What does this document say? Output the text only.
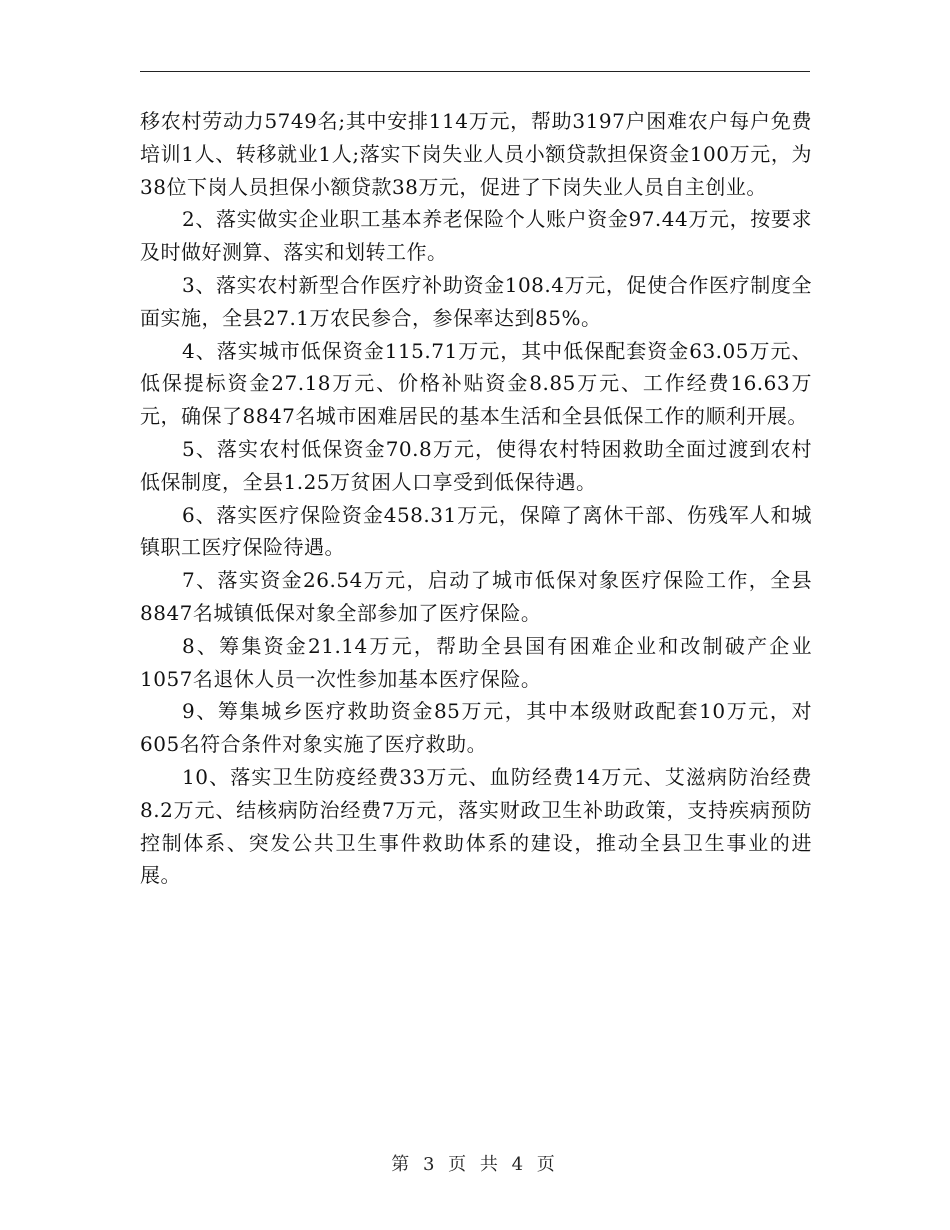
移农村劳动力5749名;其中安排114万元，帮助3197户困难农户每户免费培训1人、转移就业1人;落实下岗失业人员小额贷款担保资金100万元，为38位下岗人员担保小额贷款38万元，促进了下岗失业人员自主创业。

2、落实做实企业职工基本养老保险个人账户资金97.44万元，按要求及时做好测算、落实和划转工作。

3、落实农村新型合作医疗补助资金108.4万元，促使合作医疗制度全面实施，全县27.1万农民参合，参保率达到85%。

4、落实城市低保资金115.71万元，其中低保配套资金63.05万元、低保提标资金27.18万元、价格补贴资金8.85万元、工作经费16.63万元，确保了8847名城市困难居民的基本生活和全县低保工作的顺利开展。

5、落实农村低保资金70.8万元，使得农村特困救助全面过渡到农村低保制度，全县1.25万贫困人口享受到低保待遇。

6、落实医疗保险资金458.31万元，保障了离休干部、伤残军人和城镇职工医疗保险待遇。

7、落实资金26.54万元，启动了城市低保对象医疗保险工作，全县8847名城镇低保对象全部参加了医疗保险。

8、筹集资金21.14万元，帮助全县国有困难企业和改制破产企业1057名退休人员一次性参加基本医疗保险。

9、筹集城乡医疗救助资金85万元，其中本级财政配套10万元，对605名符合条件对象实施了医疗救助。

10、落实卫生防疫经费33万元、血防经费14万元、艾滋病防治经费8.2万元、结核病防治经费7万元，落实财政卫生补助政策，支持疾病预防控制体系、突发公共卫生事件救助体系的建设，推动全县卫生事业的进展。

第 3 页 共 4 页
